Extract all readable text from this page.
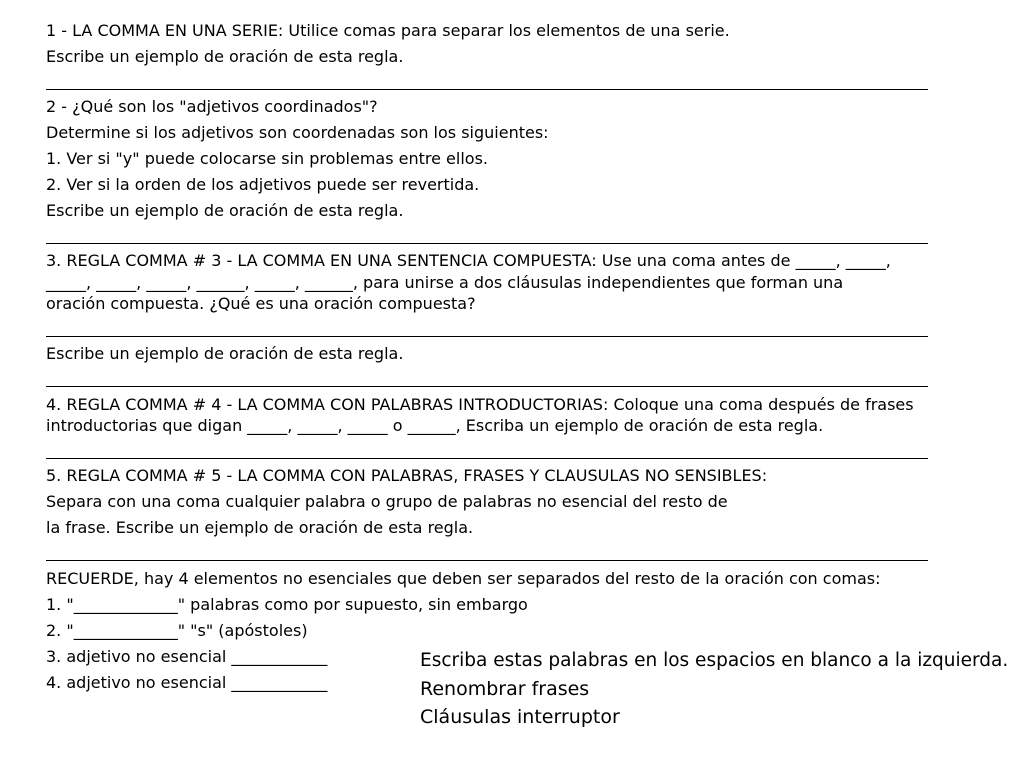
1 - LA COMMA EN UNA SERIE: Utilice comas para separar los elementos de una serie.

Escribe un ejemplo de oración de esta regla.

2 - ¿Qué son los "adjetivos coordinados"?

Determine si los adjetivos son coordenadas son los siguientes:

1. Ver si "y" puede colocarse sin problemas entre ellos.

2. Ver si la orden de los adjetivos puede ser revertida.

Escribe un ejemplo de oración de esta regla.

3. REGLA COMMA # 3 - LA COMMA EN UNA SENTENCIA COMPUESTA: Use una coma antes de _____, _____,

_____, _____, _____, ______, _____, ______, para unirse a dos cláusulas independientes que forman una

oración compuesta. ¿Qué es una oración compuesta?

Escribe un ejemplo de oración de esta regla.

4. REGLA COMMA # 4 - LA COMMA CON PALABRAS INTRODUCTORIAS: Coloque una coma después de frases

introductorias que digan _____, _____, _____ o ______, Escriba un ejemplo de oración de esta regla.

5. REGLA COMMA # 5 - LA COMMA CON PALABRAS, FRASES Y CLAUSULAS NO SENSIBLES:

Separa con una coma cualquier palabra o grupo de palabras no esencial del resto de

la frase. Escribe un ejemplo de oración de esta regla.

RECUERDE, hay 4 elementos no esenciales que deben ser separados del resto de la oración con comas:

1. "_____________" palabras como por supuesto, sin embargo

2. "_____________" "s" (apóstoles)

3. adjetivo no esencial ____________

4. adjetivo no esencial ____________

Escriba estas palabras en los espacios en blanco a la izquierda.

Renombrar frases

Cláusulas interruptor
